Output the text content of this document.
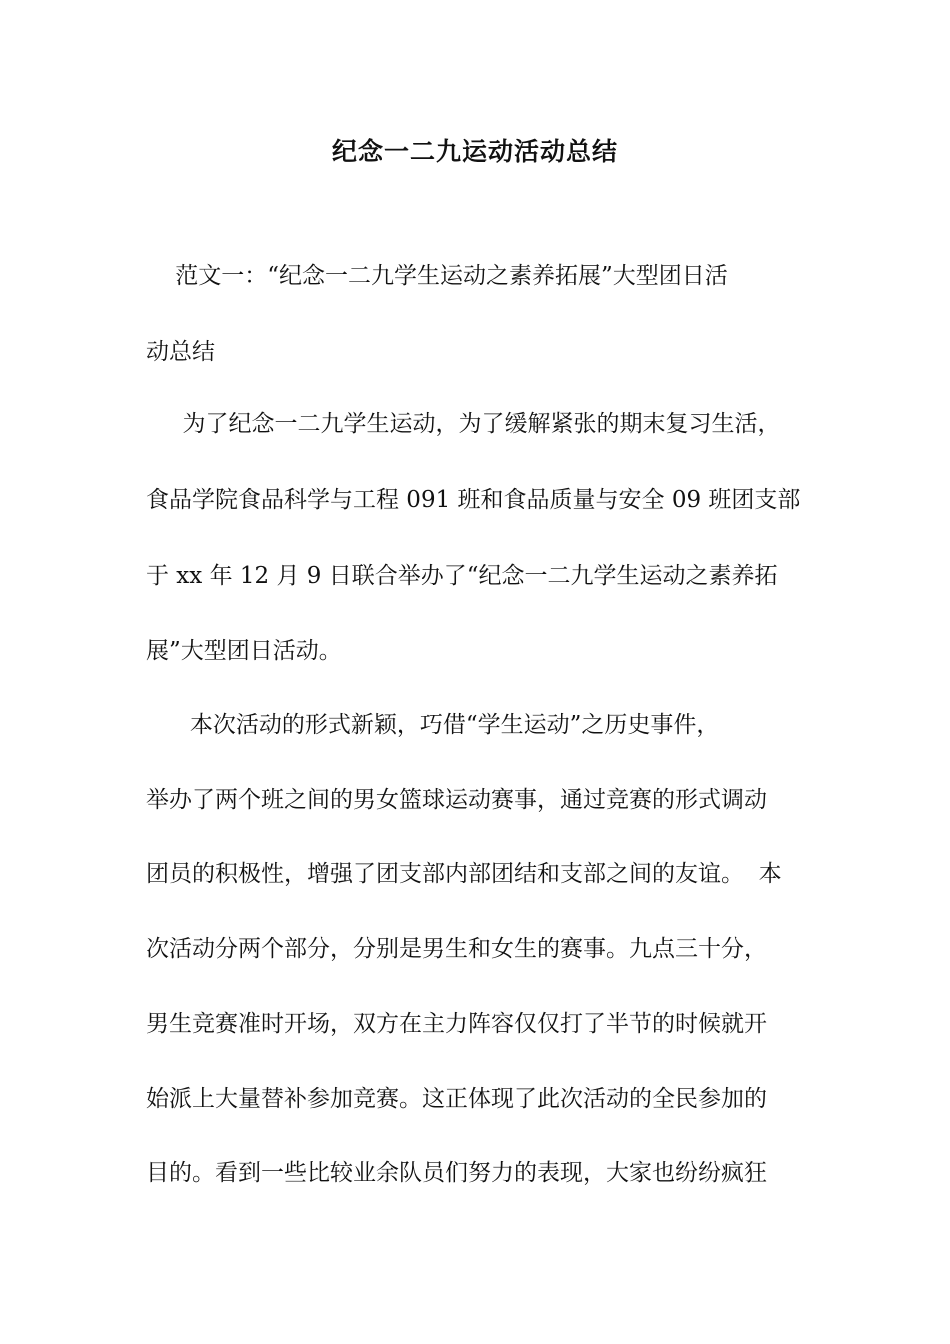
纪念一二九运动活动总结

范文一：“纪念一二九学生运动之素养拓展”大型团日活

动总结

为了纪念一二九学生运动，为了缓解紧张的期末复习生活，

食品学院食品科学与工程 091 班和食品质量与安全 09 班团支部

于 xx 年 12 月 9 日联合举办了“纪念一二九学生运动之素养拓

展”大型团日活动。

本次活动的形式新颖，巧借“学生运动”之历史事件，

举办了两个班之间的男女篮球运动赛事，通过竞赛的形式调动

团员的积极性，增强了团支部内部团结和支部之间的友谊。  本

次活动分两个部分，分别是男生和女生的赛事。九点三十分，

男生竞赛准时开场，双方在主力阵容仅仅打了半节的时候就开

始派上大量替补参加竞赛。这正体现了此次活动的全民参加的

目的。看到一些比较业余队员们努力的表现，大家也纷纷疯狂
